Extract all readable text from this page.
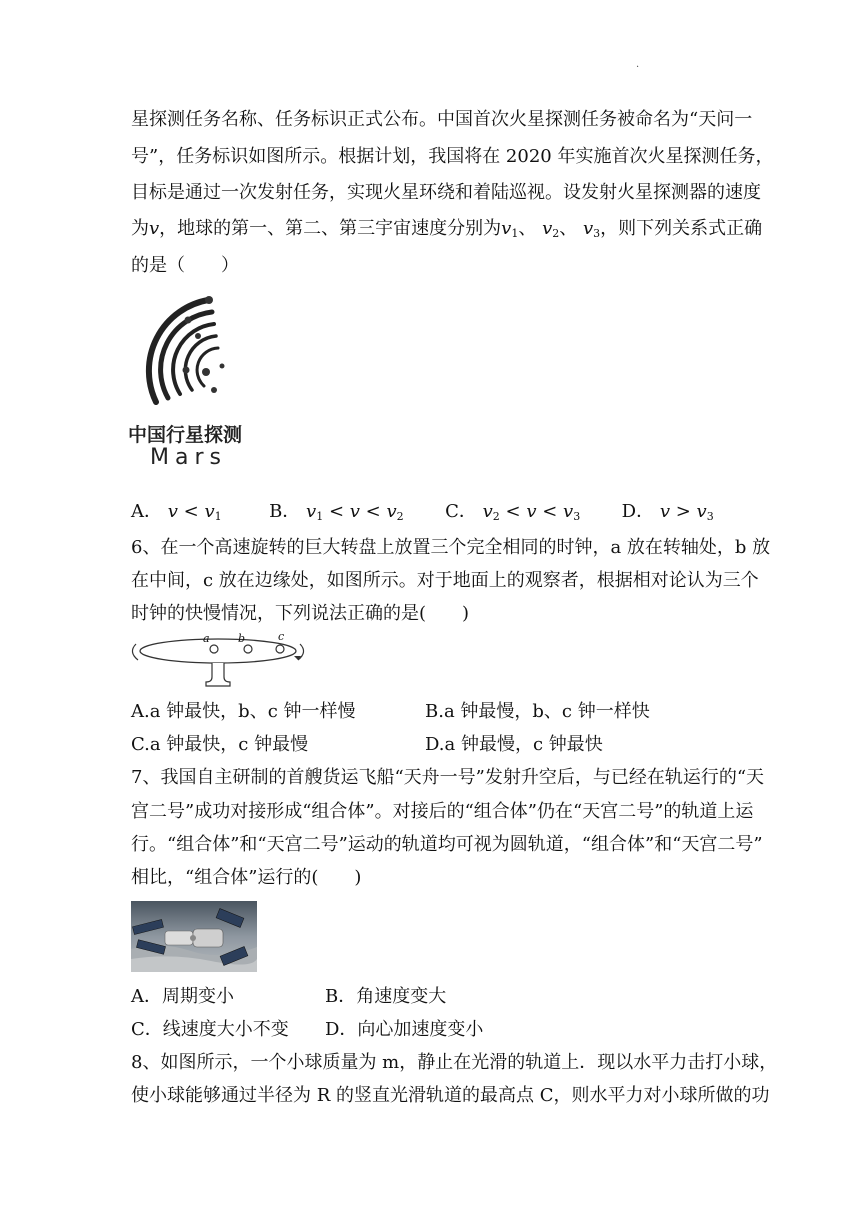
·
星探测任务名称、任务标识正式公布。中国首次火星探测任务被命名为“天问一
号”，任务标识如图所示。根据计划，我国将在 2020 年实施首次火星探测任务，
目标是通过一次发射任务，实现火星环绕和着陆巡视。设发射火星探测器的速度
为v，地球的第一、第二、第三宇宙速度分别为$v_1$、 $v_2$、 $v_3$，则下列关系式正确
的是（　　）
中国行星探测
Mars
A． $v < v_1$	B． $v_1 < v < v_2$ C． $v_2 < v < v_3$ D． $v > v_3$
6、在一个高速旋转的巨大转盘上放置三个完全相同的时钟，a 放在转轴处，b 放
在中间，c 放在边缘处，如图所示。对于地面上的观察者，根据相对论认为三个
时钟的快慢情况，下列说法正确的是(　　)
a	b	c
A.a 钟最快，b、c 钟一样慢	B.a 钟最慢，b、c 钟一样快
C.a 钟最快，c 钟最慢	D.a 钟最慢，c 钟最快
7、我国自主研制的首艘货运飞船“天舟一号”发射升空后，与已经在轨运行的“天
宫二号”成功对接形成“组合体”。对接后的“组合体”仍在“天宫二号”的轨道上运
行。“组合体”和“天宫二号”运动的轨道均可视为圆轨道，“组合体”和“天宫二号”
相比，“组合体”运行的(　　)
A．周期变小	B．角速度变大
C．线速度大小不变 D．向心加速度变小
8、如图所示，一个小球质量为 m，静止在光滑的轨道上．现以水平力击打小球，
使小球能够通过半径为 R 的竖直光滑轨道的最高点 C，则水平力对小球所做的功
